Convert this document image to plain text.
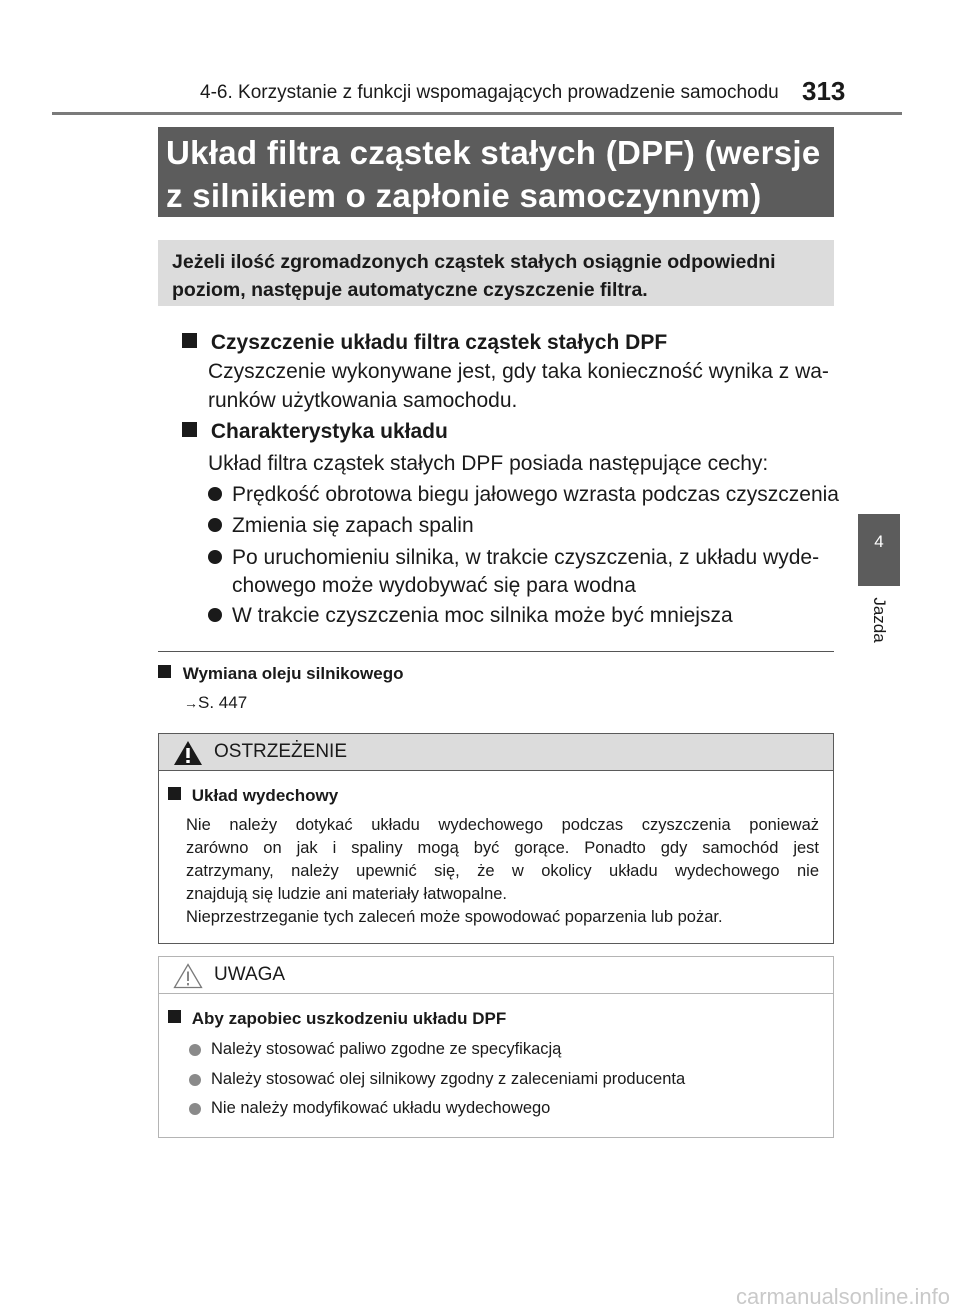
4-6. Korzystanie z funkcji wspomagających prowadzenie samochodu 313
4
Jazda
Układ filtra cząstek stałych (DPF) (wersje
z silnikiem o zapłonie samoczynnym)
Jeżeli ilość zgromadzonych cząstek stałych osiągnie odpowiedni
poziom, następuje automatyczne czyszczenie filtra.
Czyszczenie układu filtra cząstek stałych DPF
Czyszczenie wykonywane jest, gdy taka konieczność wynika z wa-
runków użytkowania samochodu.
Charakterystyka układu
Układ filtra cząstek stałych DPF posiada następujące cechy:
Prędkość obrotowa biegu jałowego wzrasta podczas czyszczenia
Zmienia się zapach spalin
Po uruchomieniu silnika, w trakcie czyszczenia, z układu wyde-
chowego może wydobywać się para wodna
W trakcie czyszczenia moc silnika może być mniejsza
Wymiana oleju silnikowego
→S. 447
OSTRZEŻENIE
Układ wydechowy
Nie należy dotykać układu wydechowego podczas czyszczenia ponieważ
zarówno on jak i spaliny mogą być gorące. Ponadto gdy samochód jest
zatrzymany, należy upewnić się, że w okolicy układu wydechowego nie
znajdują się ludzie ani materiały łatwopalne.
Nieprzestrzeganie tych zaleceń może spowodować poparzenia lub pożar.
UWAGA
Aby zapobiec uszkodzeniu układu DPF
Należy stosować paliwo zgodne ze specyfikacją
Należy stosować olej silnikowy zgodny z zaleceniami producenta
Nie należy modyfikować układu wydechowego
carmanualsonline.info
